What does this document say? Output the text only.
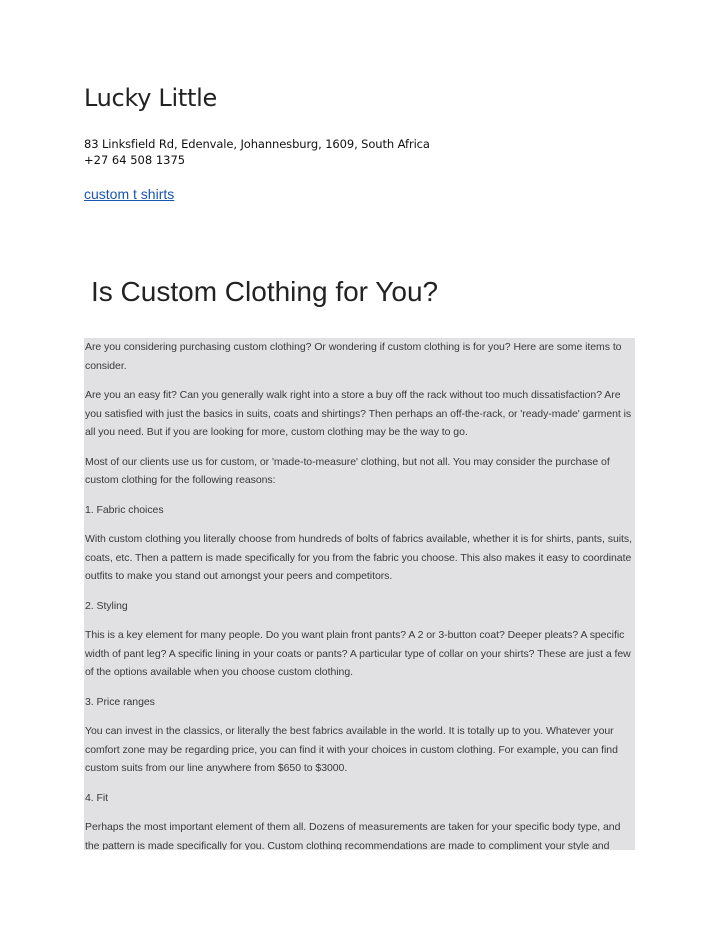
Lucky Little
83 Linksfield Rd, Edenvale, Johannesburg, 1609, South Africa
+27 64 508 1375
custom t shirts
Is Custom Clothing for You?

Are you considering purchasing custom clothing? Or wondering if custom clothing is for you? Here are some items to consider.

Are you an easy fit? Can you generally walk right into a store a buy off the rack without too much dissatisfaction? Are you satisfied with just the basics in suits, coats and shirtings? Then perhaps an off-the-rack, or 'ready-made' garment is all you need. But if you are looking for more, custom clothing may be the way to go.

Most of our clients use us for custom, or 'made-to-measure' clothing, but not all. You may consider the purchase of custom clothing for the following reasons:

1. Fabric choices

With custom clothing you literally choose from hundreds of bolts of fabrics available, whether it is for shirts, pants, suits, coats, etc. Then a pattern is made specifically for you from the fabric you choose. This also makes it easy to coordinate outfits to make you stand out amongst your peers and competitors.

2. Styling

This is a key element for many people. Do you want plain front pants? A 2 or 3-button coat? Deeper pleats? A specific width of pant leg? A specific lining in your coats or pants? A particular type of collar on your shirts? These are just a few of the options available when you choose custom clothing.

3. Price ranges

You can invest in the classics, or literally the best fabrics available in the world. It is totally up to you. Whatever your comfort zone may be regarding price, you can find it with your choices in custom clothing. For example, you can find custom suits from our line anywhere from $650 to $3000.

4. Fit

Perhaps the most important element of them all. Dozens of measurements are taken for your specific body type, and the pattern is made specifically for you. Custom clothing recommendations are made to compliment your style and
